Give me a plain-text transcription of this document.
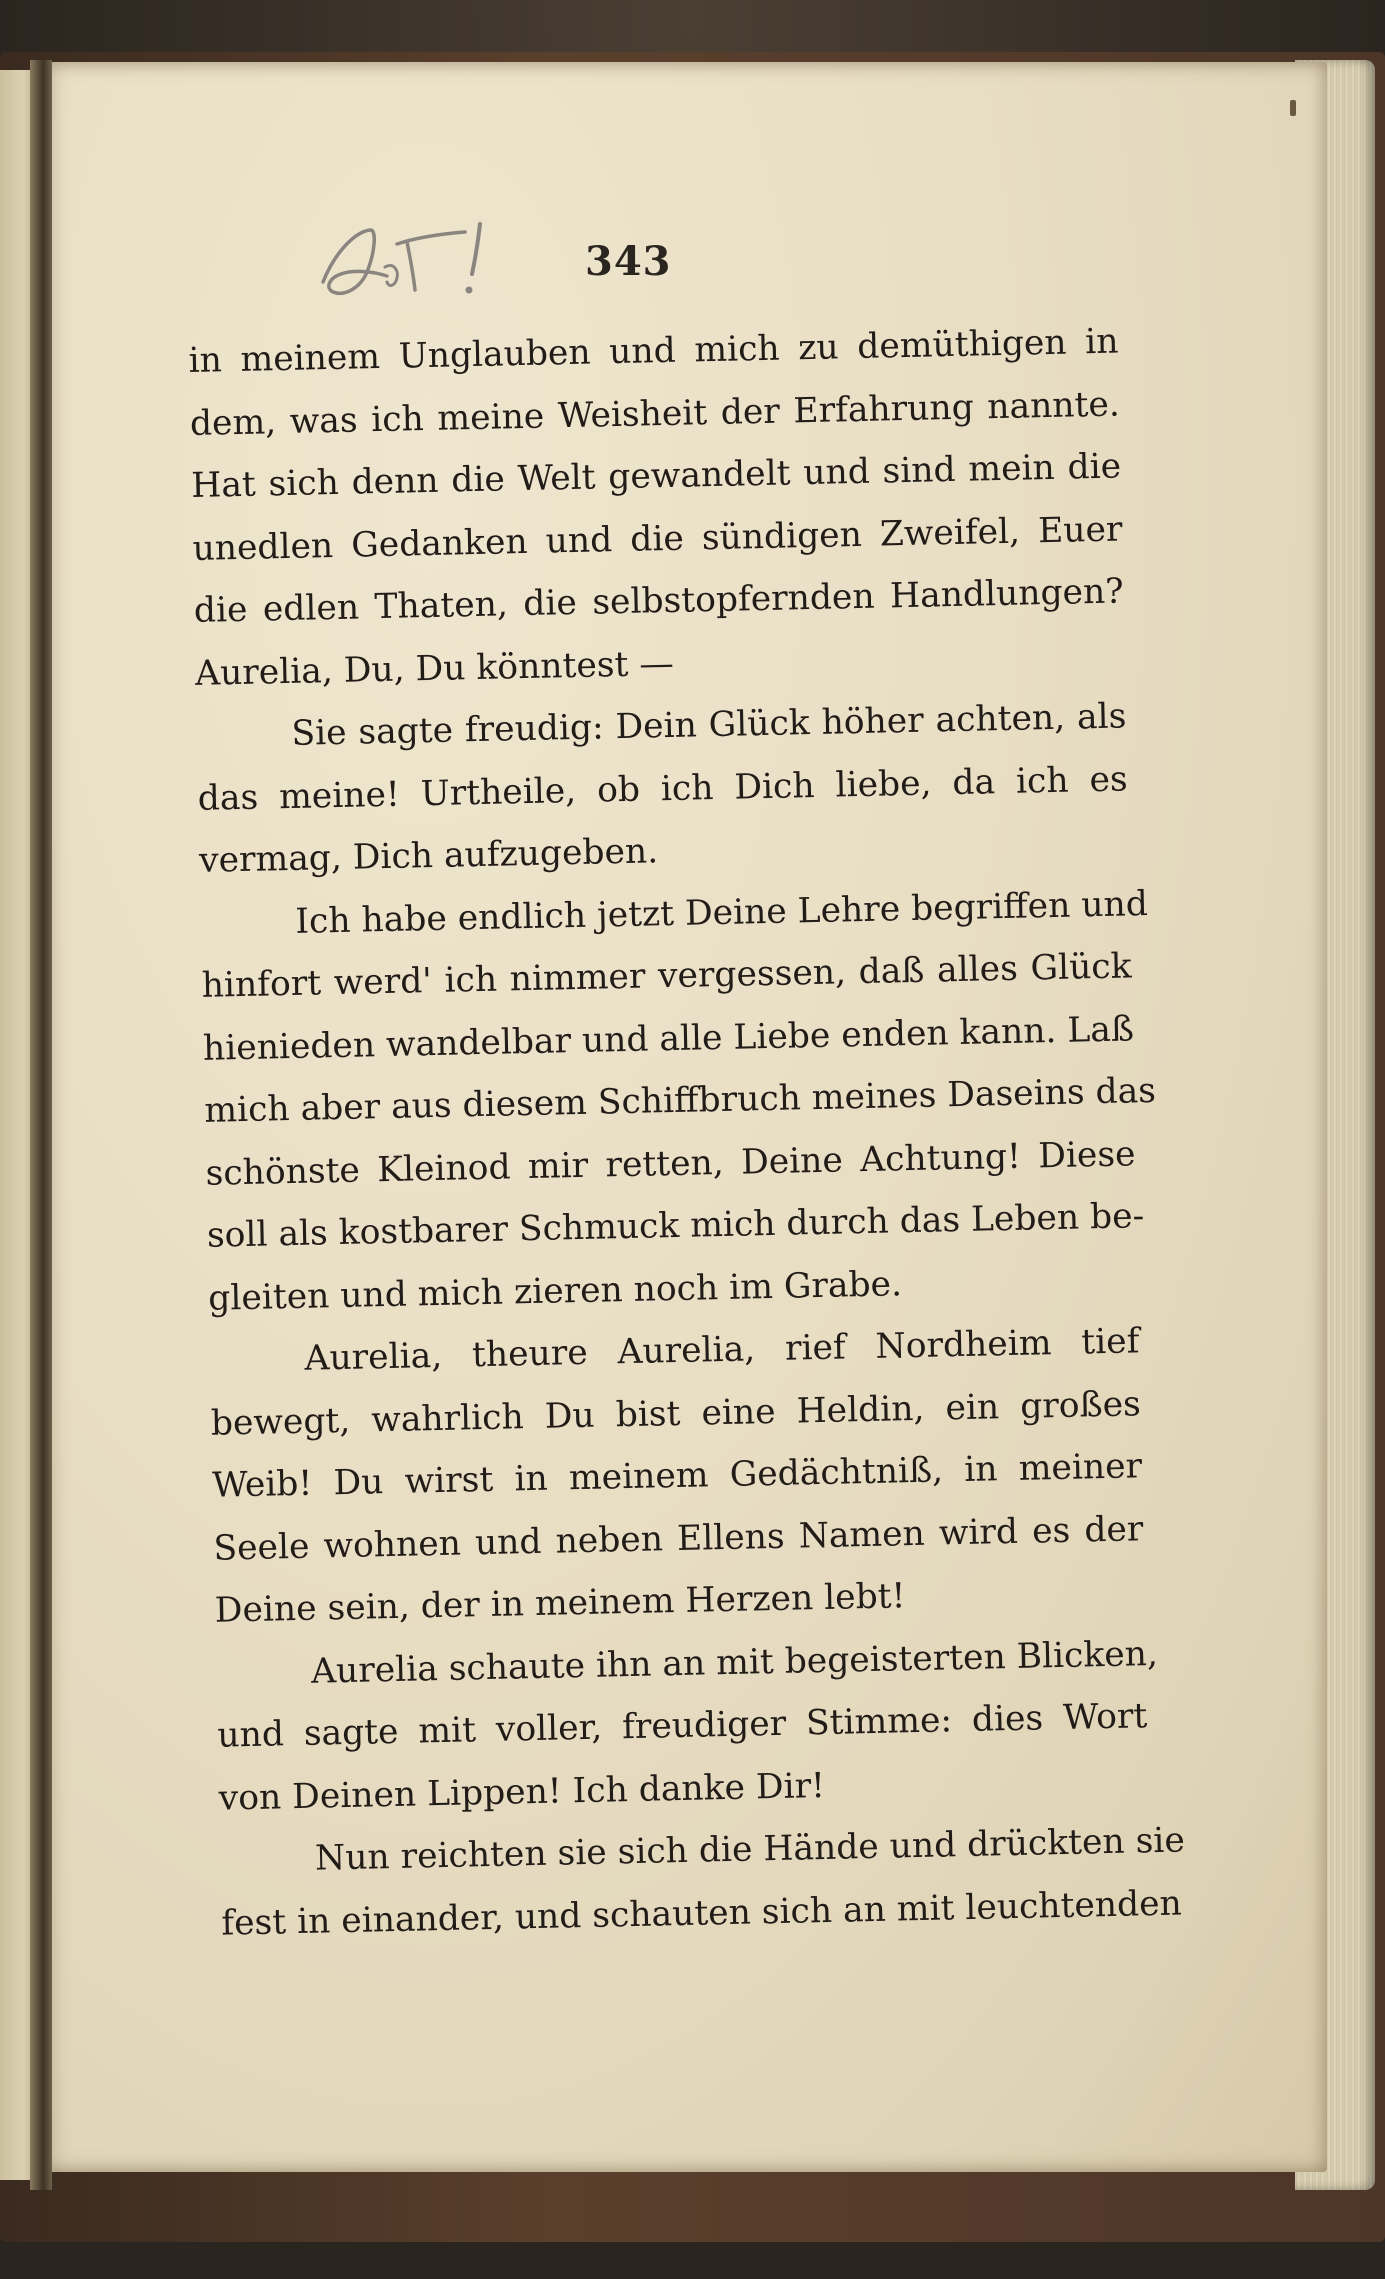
343
in meinem Unglauben und mich zu demüthigen in
dem, was ich meine Weisheit der Erfahrung nannte.
Hat sich denn die Welt gewandelt und sind mein die
unedlen Gedanken und die sündigen Zweifel, Euer
die edlen Thaten, die selbstopfernden Handlungen?
Aurelia, Du, Du könntest —
Sie sagte freudig: Dein Glück höher achten, als
das meine! Urtheile, ob ich Dich liebe, da ich es
vermag, Dich aufzugeben.
Ich habe endlich jetzt Deine Lehre begriffen und
hinfort werd' ich nimmer vergessen, daß alles Glück
hienieden wandelbar und alle Liebe enden kann. Laß
mich aber aus diesem Schiffbruch meines Daseins das
schönste Kleinod mir retten, Deine Achtung! Diese
soll als kostbarer Schmuck mich durch das Leben be-
gleiten und mich zieren noch im Grabe.
Aurelia, theure Aurelia, rief Nordheim tief
bewegt, wahrlich Du bist eine Heldin, ein großes
Weib! Du wirst in meinem Gedächtniß, in meiner
Seele wohnen und neben Ellens Namen wird es der
Deine sein, der in meinem Herzen lebt!
Aurelia schaute ihn an mit begeisterten Blicken,
und sagte mit voller, freudiger Stimme: dies Wort
von Deinen Lippen! Ich danke Dir!
Nun reichten sie sich die Hände und drückten sie
fest in einander, und schauten sich an mit leuchtenden
